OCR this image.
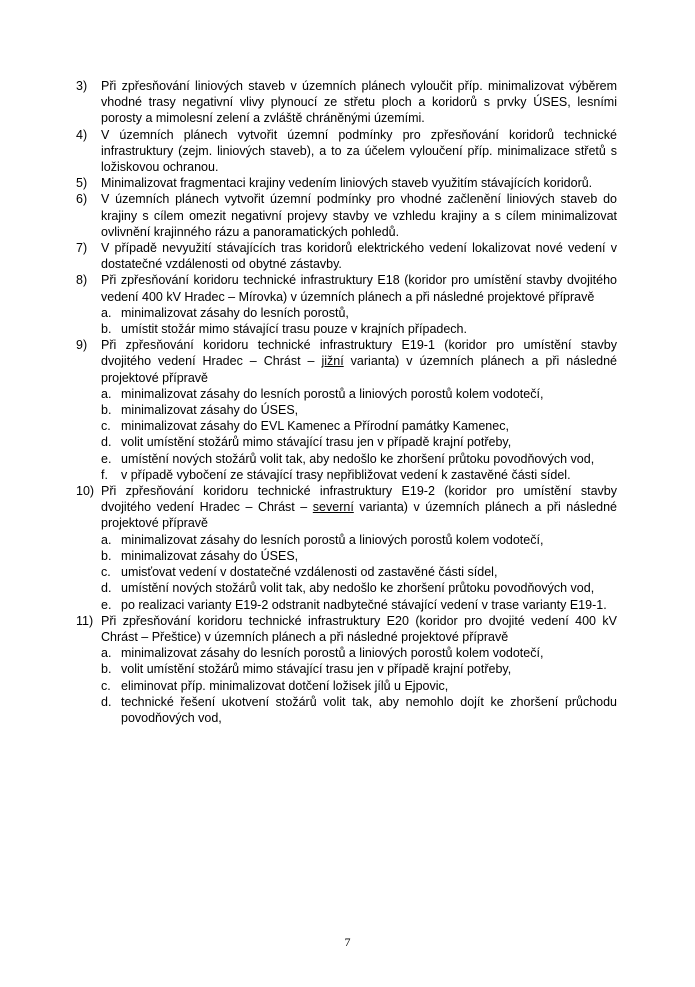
3)	Při zpřesňování liniových staveb v územních plánech vyloučit příp. minimalizovat výběrem vhodné trasy negativní vlivy plynoucí ze střetu ploch a koridorů s prvky ÚSES, lesními porosty a mimolesní zelení a zvláště chráněnými územími.
4)	V územních plánech vytvořit územní podmínky pro zpřesňování koridorů technické infrastruktury (zejm. liniových staveb), a to za účelem vyloučení příp. minimalizace střetů s ložiskovou ochranou.
5)	Minimalizovat fragmentaci krajiny vedením liniových staveb využitím stávajících koridorů.
6)	V územních plánech vytvořit územní podmínky pro vhodné začlenění liniových staveb do krajiny s cílem omezit negativní projevy stavby ve vzhledu krajiny a s cílem minimalizovat ovlivnění krajinného rázu a panoramatických pohledů.
7)	V případě nevyužití stávajících tras koridorů elektrického vedení lokalizovat nové vedení v dostatečné vzdálenosti od obytné zástavby.
8)	Při zpřesňování koridoru technické infrastruktury E18 (koridor pro umístění stavby dvojitého vedení 400 kV Hradec – Mírovka) v územních plánech a při následné projektové přípravě
a. minimalizovat zásahy do lesních porostů,
b. umístit stožár mimo stávající trasu pouze v krajních případech.
9)	Při zpřesňování koridoru technické infrastruktury E19-1 (koridor pro umístění stavby dvojitého vedení Hradec – Chrást – jižní varianta) v územních plánech a při následné projektové přípravě
a. minimalizovat zásahy do lesních porostů a liniových porostů kolem vodotečí,
b. minimalizovat zásahy do ÚSES,
c. minimalizovat zásahy do EVL Kamenec a Přírodní památky Kamenec,
d. volit umístění stožárů mimo stávající trasu jen v případě krajní potřeby,
e. umístění nových stožárů volit tak, aby nedošlo ke zhoršení průtoku povodňových vod,
f.	v případě vybočení ze stávající trasy nepřibližovat vedení k zastavěné části sídel.
10) Při zpřesňování koridoru technické infrastruktury E19-2 (koridor pro umístění stavby dvojitého vedení Hradec – Chrást – severní varianta) v územních plánech a při následné projektové přípravě
a. minimalizovat zásahy do lesních porostů a liniových porostů kolem vodotečí,
b. minimalizovat zásahy do ÚSES,
c. umisťovat vedení v dostatečné vzdálenosti od zastavěné části sídel,
d. umístění nových stožárů volit tak, aby nedošlo ke zhoršení průtoku povodňových vod,
e. po realizaci varianty E19-2 odstranit nadbytečné stávající vedení v trase varianty E19-1.
11) Při zpřesňování koridoru technické infrastruktury E20 (koridor pro dvojité vedení 400 kV Chrást – Přeštice) v územních plánech a při následné projektové přípravě
a. minimalizovat zásahy do lesních porostů a liniových porostů kolem vodotečí,
b. volit umístění stožárů mimo stávající trasu jen v případě krajní potřeby,
c. eliminovat příp. minimalizovat dotčení ložisek jílů u Ejpovic,
d. technické řešení ukotvení stožárů volit tak, aby nemohlo dojít ke zhoršení průchodu povodňových vod,
7
